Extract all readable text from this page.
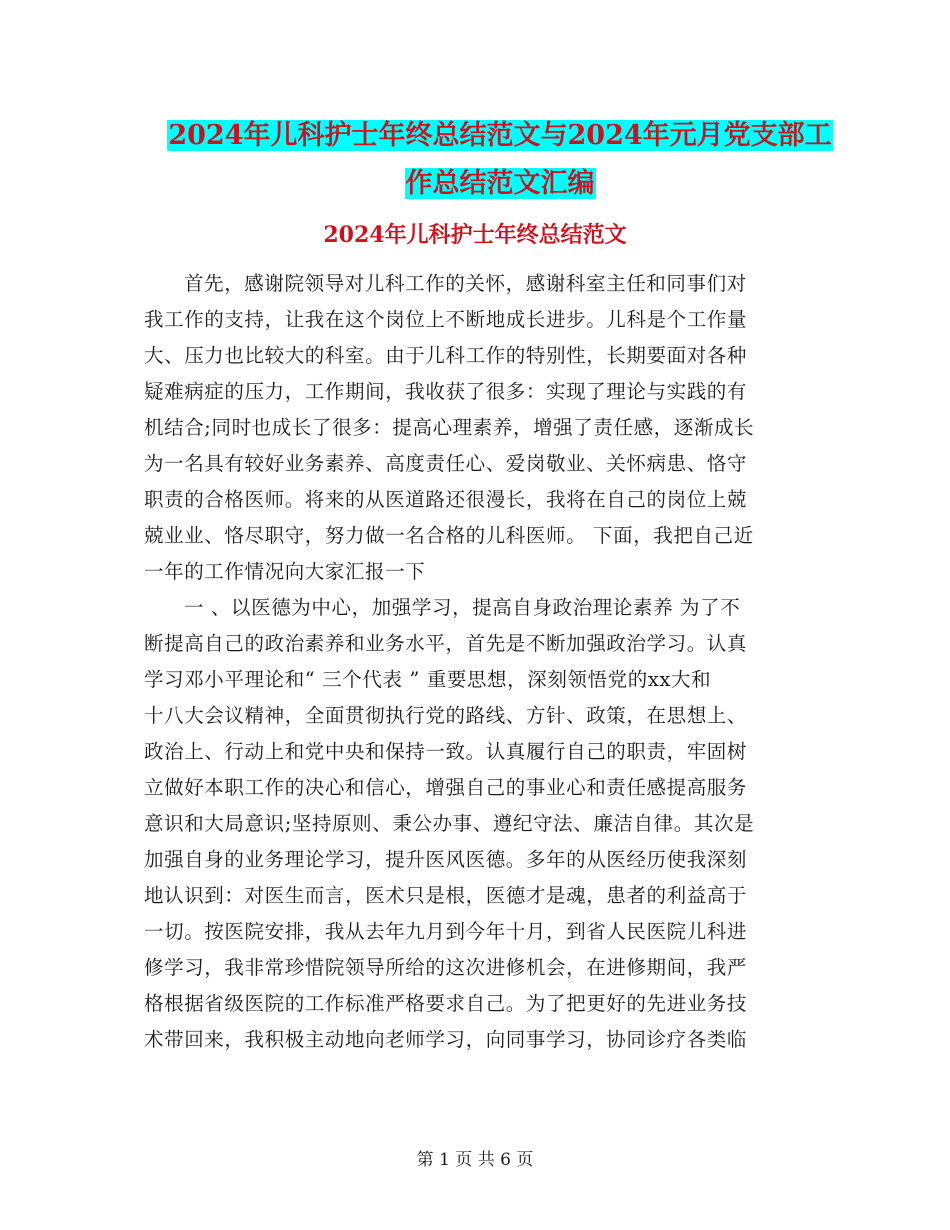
2024年儿科护士年终总结范文与2024年元月党支部工
作总结范文汇编
2024年儿科护士年终总结范文
首先，感谢院领导对儿科工作的关怀，感谢科室主任和同事们对
我工作的支持，让我在这个岗位上不断地成长进步。儿科是个工作量
大、压力也比较大的科室。由于儿科工作的特别性，长期要面对各种
疑难病症的压力，工作期间，我收获了很多：实现了理论与实践的有
机结合;同时也成长了很多：提高心理素养，增强了责任感，逐渐成长
为一名具有较好业务素养、高度责任心、爱岗敬业、关怀病患、恪守
职责的合格医师。将来的从医道路还很漫长，我将在自己的岗位上兢
兢业业、恪尽职守，努力做一名合格的儿科医师。 下面，我把自己近
一年的工作情况向大家汇报一下
一 、以医德为中心，加强学习，提高自身政治理论素养 为了不
断提高自己的政治素养和业务水平，首先是不断加强政治学习。认真
学习邓小平理论和“ 三个代表 ” 重要思想，深刻领悟党的xx大和
十八大会议精神，全面贯彻执行党的路线、方针、政策，在思想上、
政治上、行动上和党中央和保持一致。认真履行自己的职责，牢固树
立做好本职工作的决心和信心，增强自己的事业心和责任感提高服务
意识和大局意识;坚持原则、秉公办事、遵纪守法、廉洁自律。其次是
加强自身的业务理论学习，提升医风医德。多年的从医经历使我深刻
地认识到：对医生而言，医术只是根，医德才是魂，患者的利益高于
一切。按医院安排，我从去年九月到今年十月，到省人民医院儿科进
修学习，我非常珍惜院领导所给的这次进修机会，在进修期间，我严
格根据省级医院的工作标准严格要求自己。为了把更好的先进业务技
术带回来，我积极主动地向老师学习，向同事学习，协同诊疗各类临
第 1 页 共 6 页
